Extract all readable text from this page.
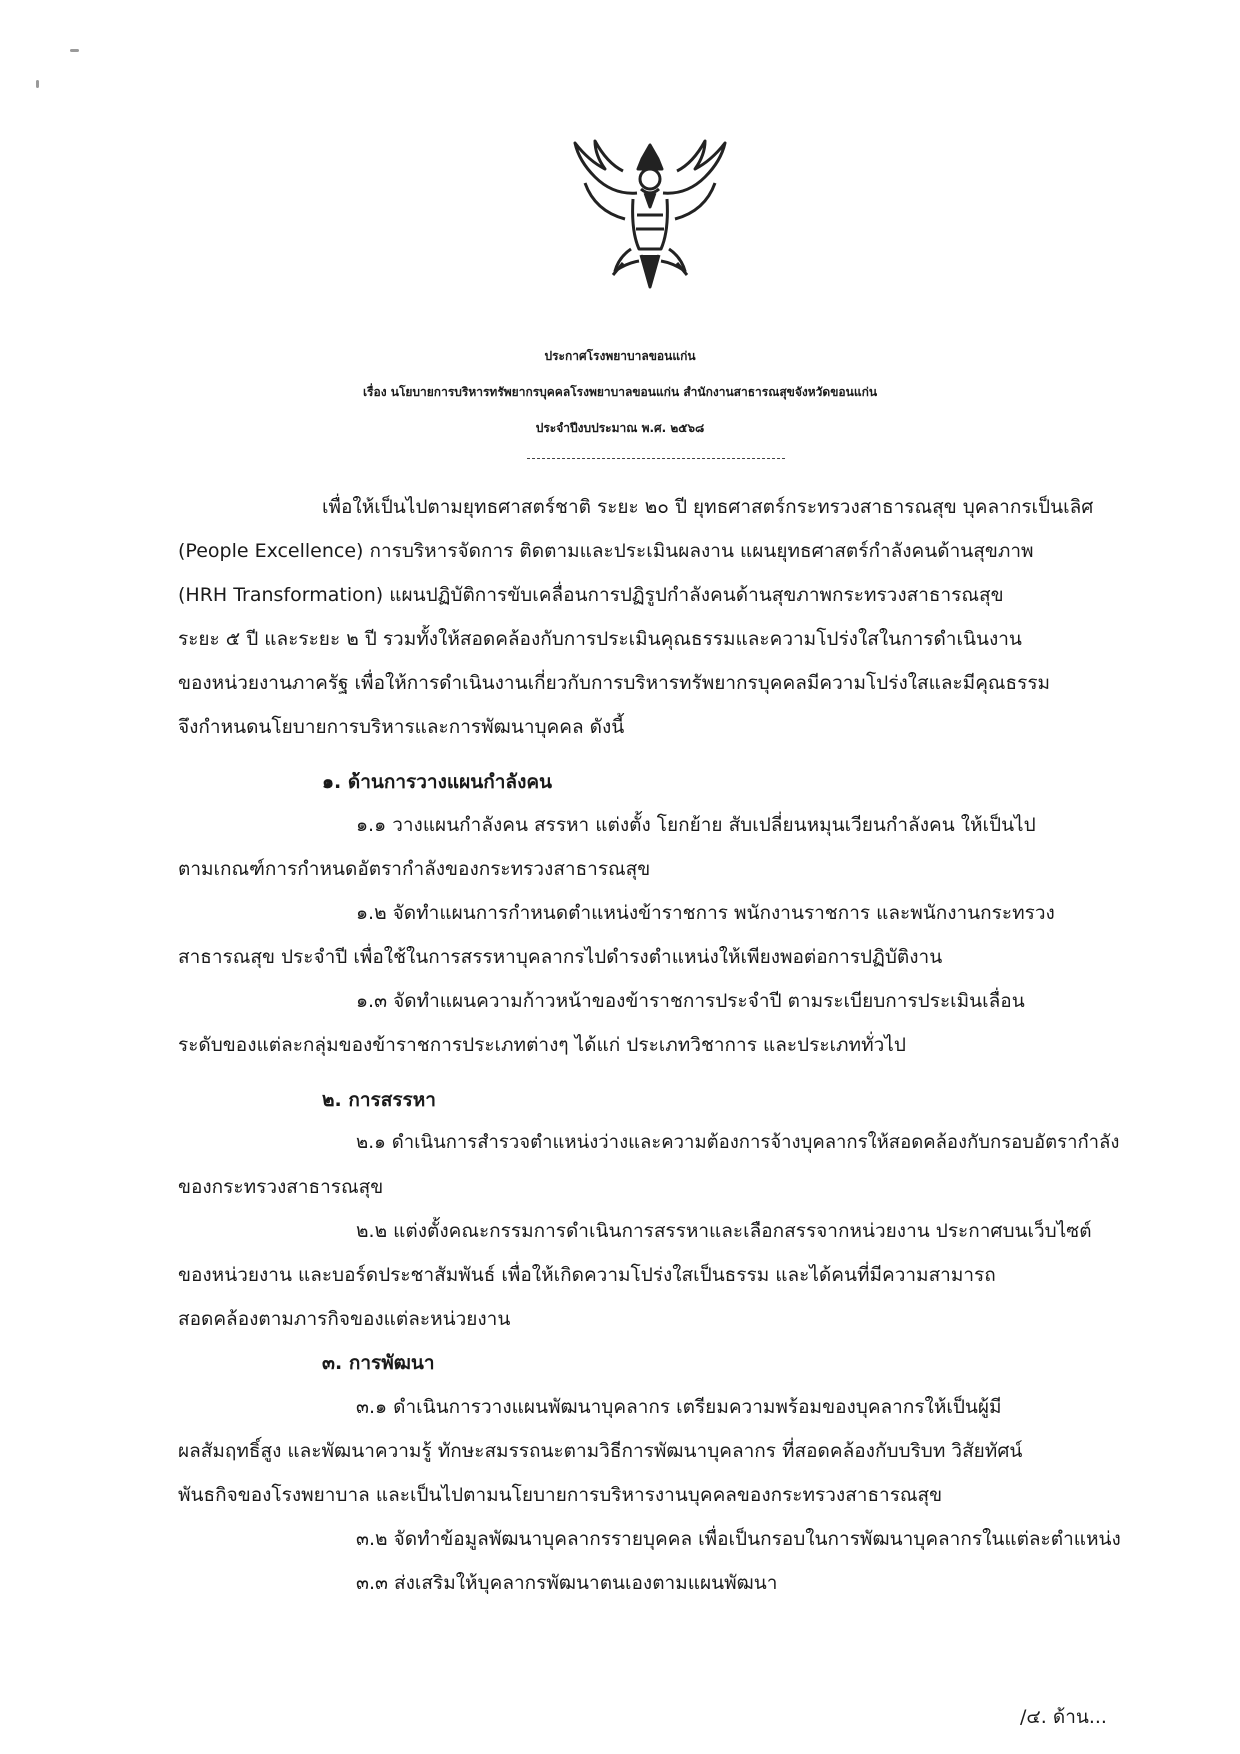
ประกาศโรงพยาบาลขอนแก่น
เรื่อง นโยบายการบริหารทรัพยากรบุคคลโรงพยาบาลขอนแก่น สำนักงานสาธารณสุขจังหวัดขอนแก่น
ประจำปีงบประมาณ พ.ศ. ๒๕๖๘
เพื่อให้เป็นไปตามยุทธศาสตร์ชาติ ระยะ ๒๐ ปี ยุทธศาสตร์กระทรวงสาธารณสุข บุคลากรเป็นเลิศ
(People Excellence) การบริหารจัดการ ติดตามและประเมินผลงาน แผนยุทธศาสตร์กำลังคนด้านสุขภาพ
(HRH Transformation) แผนปฏิบัติการขับเคลื่อนการปฏิรูปกำลังคนด้านสุขภาพกระทรวงสาธารณสุข
ระยะ ๕ ปี และระยะ ๒ ปี รวมทั้งให้สอดคล้องกับการประเมินคุณธรรมและความโปร่งใสในการดำเนินงาน
ของหน่วยงานภาครัฐ เพื่อให้การดำเนินงานเกี่ยวกับการบริหารทรัพยากรบุคคลมีความโปร่งใสและมีคุณธรรม
จึงกำหนดนโยบายการบริหารและการพัฒนาบุคคล ดังนี้
๑. ด้านการวางแผนกำลังคน
๑.๑ วางแผนกำลังคน สรรหา แต่งตั้ง โยกย้าย สับเปลี่ยนหมุนเวียนกำลังคน ให้เป็นไป
ตามเกณฑ์การกำหนดอัตรากำลังของกระทรวงสาธารณสุข
๑.๒ จัดทำแผนการกำหนดตำแหน่งข้าราชการ พนักงานราชการ และพนักงานกระทรวง
สาธารณสุข ประจำปี เพื่อใช้ในการสรรหาบุคลากรไปดำรงตำแหน่งให้เพียงพอต่อการปฏิบัติงาน
๑.๓ จัดทำแผนความก้าวหน้าของข้าราชการประจำปี ตามระเบียบการประเมินเลื่อน
ระดับของแต่ละกลุ่มของข้าราชการประเภทต่างๆ ได้แก่ ประเภทวิชาการ และประเภททั่วไป
๒. การสรรหา
๒.๑ ดำเนินการสำรวจตำแหน่งว่างและความต้องการจ้างบุคลากรให้สอดคล้องกับกรอบอัตรากำลัง
ของกระทรวงสาธารณสุข
๒.๒ แต่งตั้งคณะกรรมการดำเนินการสรรหาและเลือกสรรจากหน่วยงาน ประกาศบนเว็บไซต์
ของหน่วยงาน และบอร์ดประชาสัมพันธ์ เพื่อให้เกิดความโปร่งใสเป็นธรรม และได้คนที่มีความสามารถ
สอดคล้องตามภารกิจของแต่ละหน่วยงาน
๓. การพัฒนา
๓.๑ ดำเนินการวางแผนพัฒนาบุคลากร เตรียมความพร้อมของบุคลากรให้เป็นผู้มี
ผลสัมฤทธิ์สูง และพัฒนาความรู้ ทักษะสมรรถนะตามวิธีการพัฒนาบุคลากร ที่สอดคล้องกับบริบท วิสัยทัศน์
พันธกิจของโรงพยาบาล และเป็นไปตามนโยบายการบริหารงานบุคคลของกระทรวงสาธารณสุข
๓.๒ จัดทำข้อมูลพัฒนาบุคลากรรายบุคคล เพื่อเป็นกรอบในการพัฒนาบุคลากรในแต่ละตำแหน่ง
๓.๓ ส่งเสริมให้บุคลากรพัฒนาตนเองตามแผนพัฒนา
/๔. ด้าน...
